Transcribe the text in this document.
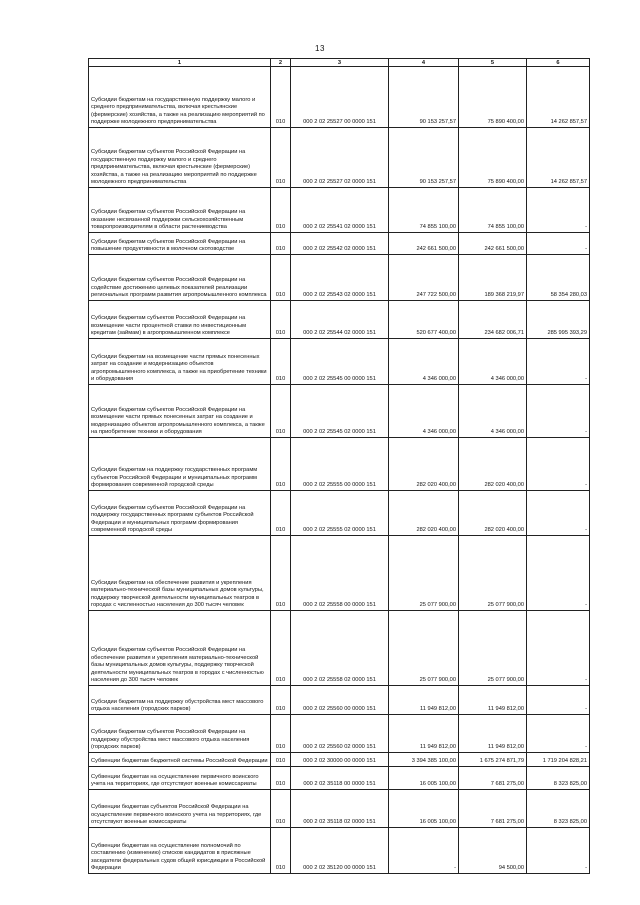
13
1	2	3	4	5	6
Субсидии бюджетам на государственную поддержку малого и среднего предпринимательства, включая крестьянские (фермерские) хозяйства, а также на реализацию мероприятий по поддержке молодежного предпринимательства	010	000 2 02 25527 00 0000 151	90 153 257,57	75 890 400,00	14 262 857,57
Субсидии бюджетам субъектов Российской Федерации на государственную поддержку малого и среднего предпринимательства, включая крестьянские (фермерские) хозяйства, а также на реализацию мероприятий по поддержке молодежного предпринимательства	010	000 2 02 25527 02 0000 151	90 153 257,57	75 890 400,00	14 262 857,57
Субсидии бюджетам субъектов Российской Федерации на оказание несвязанной поддержки сельскохозяйственным товаропроизводителям в области растениеводства	010	000 2 02 25541 02 0000 151	74 855 100,00	74 855 100,00	-
Субсидии бюджетам субъектов Российской Федерации на повышение продуктивности в молочном скотоводстве	010	000 2 02 25542 02 0000 151	242 661 500,00	242 661 500,00	-
Субсидии бюджетам субъектов Российской Федерации на содействие достижению целевых показателей реализации региональных программ развития агропромышленного комплекса	010	000 2 02 25543 02 0000 151	247 722 500,00	189 368 219,97	58 354 280,03
Субсидии бюджетам субъектов Российской Федерации на возмещение части процентной ставки по инвестиционным кредитам (займам) в агропромышленном комплексе	010	000 2 02 25544 02 0000 151	520 677 400,00	234 682 006,71	285 995 393,29
Субсидии бюджетам на возмещение части прямых понесенных затрат на создание и модернизацию объектов агропромышленного комплекса, а также на приобретение техники и оборудования	010	000 2 02 25545 00 0000 151	4 346 000,00	4 346 000,00	-
Субсидии бюджетам субъектов Российской Федерации на возмещение части прямых понесенных затрат на создание и модернизацию объектов агропромышленного комплекса, а также на приобретение техники и оборудования	010	000 2 02 25545 02 0000 151	4 346 000,00	4 346 000,00	-
Субсидии бюджетам на поддержку государственных программ субъектов Российской Федерации и муниципальных программ формирования современной городской среды	010	000 2 02 25555 00 0000 151	282 020 400,00	282 020 400,00	-
Субсидии бюджетам субъектов Российской Федерации на поддержку государственных программ субъектов Российской Федерации и муниципальных программ формирования современной городской среды	010	000 2 02 25555 02 0000 151	282 020 400,00	282 020 400,00	-
Субсидии бюджетам на обеспечение развития и укрепления материально-технической базы муниципальных домов культуры, поддержку творческой деятельности муниципальных театров в городах с численностью населения до 300 тысяч человек	010	000 2 02 25558 00 0000 151	25 077 900,00	25 077 900,00	-
Субсидии бюджетам субъектов Российской Федерации на обеспечение развития и укрепления материально-технической базы муниципальных домов культуры, поддержку творческой деятельности муниципальных театров в городах с численностью населения до 300 тысяч человек	010	000 2 02 25558 02 0000 151	25 077 900,00	25 077 900,00	-
Субсидии бюджетам на поддержку обустройства мест массового отдыха населения (городских парков)	010	000 2 02 25560 00 0000 151	11 949 812,00	11 949 812,00	-
Субсидии бюджетам субъектов Российской Федерации на поддержку обустройства мест массового отдыха населения (городских парков)	010	000 2 02 25560 02 0000 151	11 949 812,00	11 949 812,00	-
Субвенции бюджетам бюджетной системы Российской Федерации	010	000 2 02 30000 00 0000 151	3 394 385 100,00	1 675 274 871,79	1 719 204 828,21
Субвенции бюджетам на осуществление первичного воинского учета на территориях, где отсутствуют военные комиссариаты	010	000 2 02 35118 00 0000 151	16 005 100,00	7 681 275,00	8 323 825,00
Субвенции бюджетам субъектов Российской Федерации на осуществление первичного воинского учета на территориях, где отсутствуют военные комиссариаты	010	000 2 02 35118 02 0000 151	16 005 100,00	7 681 275,00	8 323 825,00
Субвенции бюджетам на осуществление полномочий по составлению (изменению) списков кандидатов в присяжные заседатели федеральных судов общей юрисдикции в Российской Федерации	010	000 2 02 35120 00 0000 151	-	94 500,00	-
